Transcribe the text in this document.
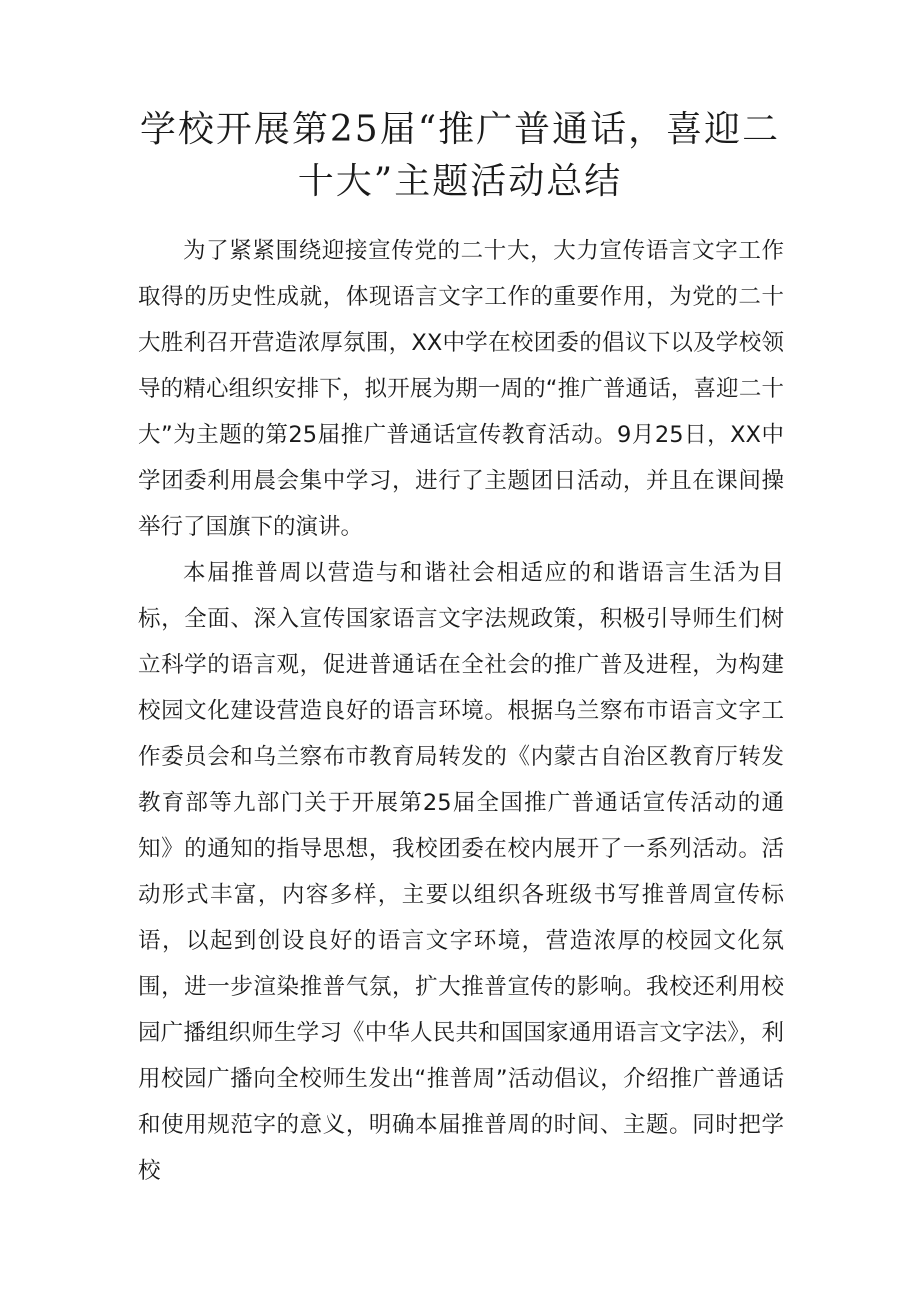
学校开展第25届“推广普通话，喜迎二十大”主题活动总结

为了紧紧围绕迎接宣传党的二十大，大力宣传语言文字工作取得的历史性成就，体现语言文字工作的重要作用，为党的二十大胜利召开营造浓厚氛围，XX中学在校团委的倡议下以及学校领导的精心组织安排下，拟开展为期一周的“推广普通话，喜迎二十大”为主题的第25届推广普通话宣传教育活动。9月25日，XX中学团委利用晨会集中学习，进行了主题团日活动，并且在课间操举行了国旗下的演讲。

本届推普周以营造与和谐社会相适应的和谐语言生活为目标，全面、深入宣传国家语言文字法规政策，积极引导师生们树立科学的语言观，促进普通话在全社会的推广普及进程，为构建校园文化建设营造良好的语言环境。根据乌兰察布市语言文字工作委员会和乌兰察布市教育局转发的《内蒙古自治区教育厅转发教育部等九部门关于开展第25届全国推广普通话宣传活动的通知》的通知的指导思想，我校团委在校内展开了一系列活动。活动形式丰富，内容多样，主要以组织各班级书写推普周宣传标语，以起到创设良好的语言文字环境，营造浓厚的校园文化氛围，进一步渲染推普气氛，扩大推普宣传的影响。我校还利用校园广播组织师生学习《中华人民共和国国家通用语言文字法》，利用校园广播向全校师生发出“推普周”活动倡议，介绍推广普通话和使用规范字的意义，明确本届推普周的时间、主题。同时把学校
